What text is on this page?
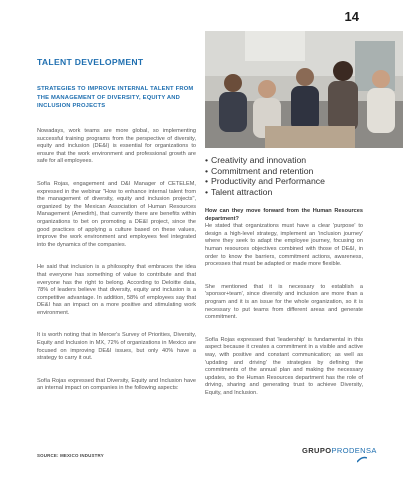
14
TALENT DEVELOPMENT
STRATEGIES TO IMPROVE INTERNAL TALENT FROM THE MANAGEMENT OF DIVERSITY, EQUITY AND INCLUSION PROJECTS

Nowadays, work teams are more global, so implementing successful training programs from the perspective of diversity, equity and inclusion (DE&I) is essential for organizations to ensure that the work environment and professional growth are safe for all employees.

Sofía Rojas, engagement and D&I Manager of CETELEM, expressed in the webinar "How to enhance internal talent from the management of diversity, equity and inclusion projects", organized by the Mexican Association of Human Resources Management (Amedirh), that currently there are benefits within organizations to bet on promoting a DE&I project, since the good practices of applying a culture based on these values, improve the work environment and employees feel integrated into the dynamics of the companies.

He said that inclusion is a philosophy that embraces the idea that everyone has something of value to contribute and that everyone has the right to belong. According to Deloitte data, 78% of leaders believe that diversity, equity and inclusion is a competitive advantage. In addition, 58% of employees say that DE&I has an impact on a more positive and stimulating work environment.

It is worth noting that in Mercer's Survey of Priorities, Diversity, Equity and Inclusion in MX, 72% of organizations in Mexico are focused on improving DE&I issues, but only 40% have a strategy to carry it out.

Sofía Rojas expressed that Diversity, Equity and Inclusion have an internal impact on companies in the following aspects:

• Creativity and innovation
• Commitment and retention
• Productivity and Performance
• Talent attraction

How can they move forward from the Human Resources department?

He stated that organizations must have a clear 'purpose' to design a high-level strategy, implement an 'inclusion journey' where they seek to adapt the employee journey, focusing on human resources objectives combined with those of DE&I, in order to know the barriers, commitment actions, awareness, processes that must be adapted or made more flexible.

She mentioned that it is necessary to establish a 'sponsor+team', since diversity and inclusion are more than a program and it is an issue for the whole organization, so it is necessary to put teams from different areas and generate commitment.

Sofía Rojas expressed that 'leadership' is fundamental in this aspect because it creates a commitment in a visible and active way, with positive and constant communication; as well as 'updating and driving' the strategies by defining the commitments of the annual plan and making the necessary updates, so the Human Resources department has the role of driving, sharing and generating trust to achieve Diversity, Equity, and Inclusion.

SOURCE: MEXICO INDUSTRY
GRUPOPRODENSA
